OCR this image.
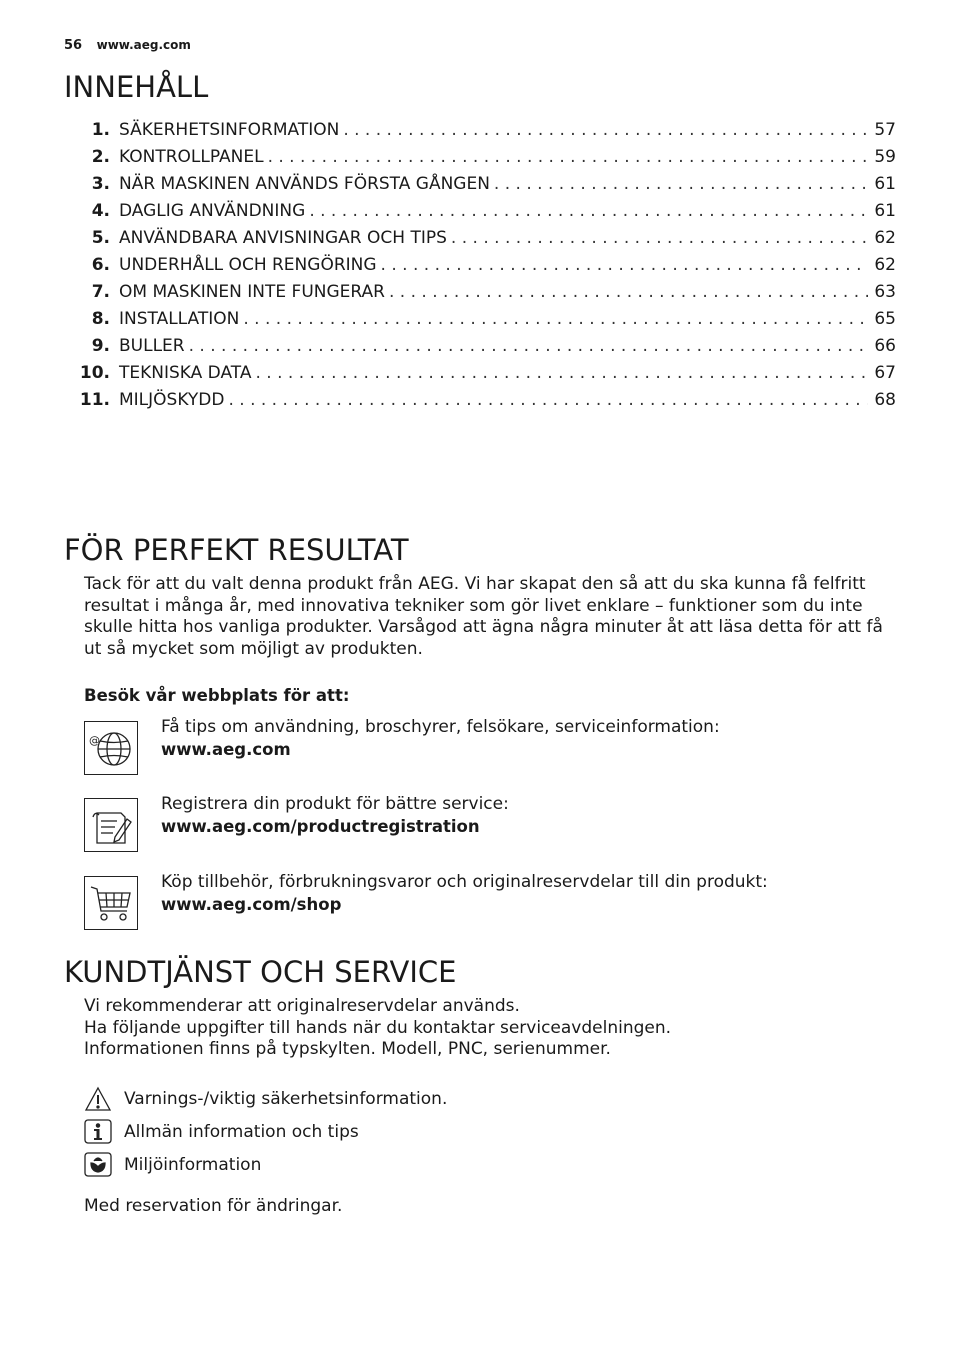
56 www.aeg.com
INNEHÅLL
1. SÄKERHETSINFORMATION . . .	57
2. KONTROLLPANEL . . .	59
3. NÄR MASKINEN ANVÄNDS FÖRSTA GÅNGEN . . .	61
4. DAGLIG ANVÄNDNING . . .	61
5. ANVÄNDBARA ANVISNINGAR OCH TIPS . . .	62
6. UNDERHÅLL OCH RENGÖRING . . .	62
7. OM MASKINEN INTE FUNGERAR . . .	63
8. INSTALLATION . . .	65
9. BULLER . . .	66
10. TEKNISKA DATA . . .	67
11. MILJÖSKYDD . . .	68
FÖR PERFEKT RESULTAT

Tack för att du valt denna produkt från AEG. Vi har skapat den så att du ska kunna få felfritt resultat i många år, med innovativa tekniker som gör livet enklare – funktioner som du inte skulle hitta hos vanliga produkter. Varsågod att ägna några minuter åt att läsa detta för att få ut så mycket som möjligt av produkten.

Besök vår webbplats för att:

@
Få tips om användning, broschyrer, felsökare, serviceinformation:
www.aeg.com
Registrera din produkt för bättre service:
www.aeg.com/productregistration
Köp tillbehör, förbrukningsvaror och originalreservdelar till din produkt:
www.aeg.com/shop
KUNDTJÄNST OCH SERVICE
Vi rekommenderar att originalreservdelar används.
Ha följande uppgifter till hands när du kontaktar serviceavdelningen.
Informationen finns på typskylten. Modell, PNC, serienummer.
Varnings-/viktig säkerhetsinformation.
Allmän information och tips
Miljöinformation

Med reservation för ändringar.
